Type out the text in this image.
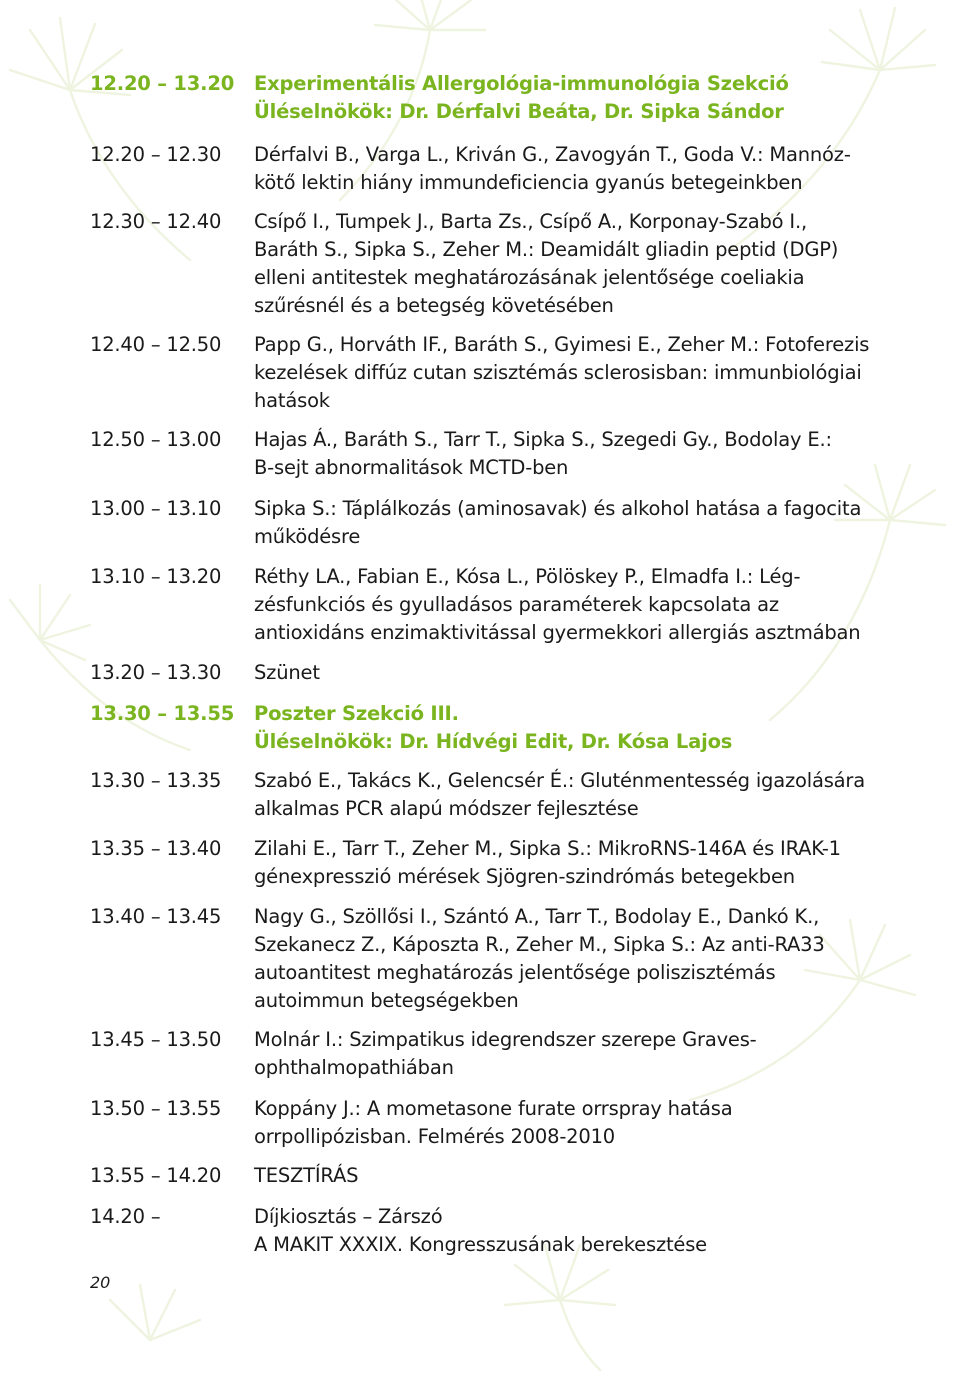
12.20 – 13.20	Experimentális Allergológia-immunológia Szekció
Üléselnökök: Dr. Dérfalvi Beáta, Dr. Sipka Sándor
12.20 – 12.30	Dérfalvi B., Varga L., Kriván G., Zavogyán T., Goda V.: Mannóz-
kötő lektin hiány immundeficiencia gyanús betegeinkben
12.30 – 12.40	Csípő I., Tumpek J., Barta Zs., Csípő A., Korponay-Szabó I.,
Baráth S., Sipka S., Zeher M.: Deamidált gliadin peptid (DGP)
elleni antitestek meghatározásának jelentősége coeliakia
szűrésnél és a betegség követésében
12.40 – 12.50	Papp G., Horváth IF., Baráth S., Gyimesi E., Zeher M.: Fotoferezis
kezelések diffúz cutan szisztémás sclerosisban: immunbiológiai
hatások
12.50 – 13.00	Hajas Á., Baráth S., Tarr T., Sipka S., Szegedi Gy., Bodolay E.:
B-sejt abnormalitások MCTD-ben
13.00 – 13.10	Sipka S.: Táplálkozás (aminosavak) és alkohol hatása a fagocita
működésre
13.10 – 13.20	Réthy LA., Fabian E., Kósa L., Pölöskey P., Elmadfa I.: Lég-
zésfunkciós és gyulladásos paraméterek kapcsolata az
antioxidáns enzimaktivitással gyermekkori allergiás asztmában
13.20 – 13.30	Szünet
13.30 – 13.55	Poszter Szekció III.
Üléselnökök: Dr. Hídvégi Edit, Dr. Kósa Lajos
13.30 – 13.35	Szabó E., Takács K., Gelencsér É.: Gluténmentesség igazolására
alkalmas PCR alapú módszer fejlesztése
13.35 – 13.40	Zilahi E., Tarr T., Zeher M., Sipka S.: MikroRNS-146A és IRAK-1
génexpresszió mérések Sjögren-szindrómás betegekben
13.40 – 13.45	Nagy G., Szöllősi I., Szántó A., Tarr T., Bodolay E., Dankó K.,
Szekanecz Z., Káposzta R., Zeher M., Sipka S.: Az anti-RA33
autoantitest meghatározás jelentősége poliszisztémás
autoimmun betegségekben
13.45 – 13.50	Molnár I.: Szimpatikus idegrendszer szerepe Graves-
ophthalmopathiában
13.50 – 13.55	Koppány J.: A mometasone furate orrspray hatása
orrpollipózisban. Felmérés 2008-2010
13.55 – 14.20	TESZTÍRÁS
14.20 –	Díjkiosztás – Zárszó
A MAKIT XXXIX. Kongresszusának berekesztése
20
